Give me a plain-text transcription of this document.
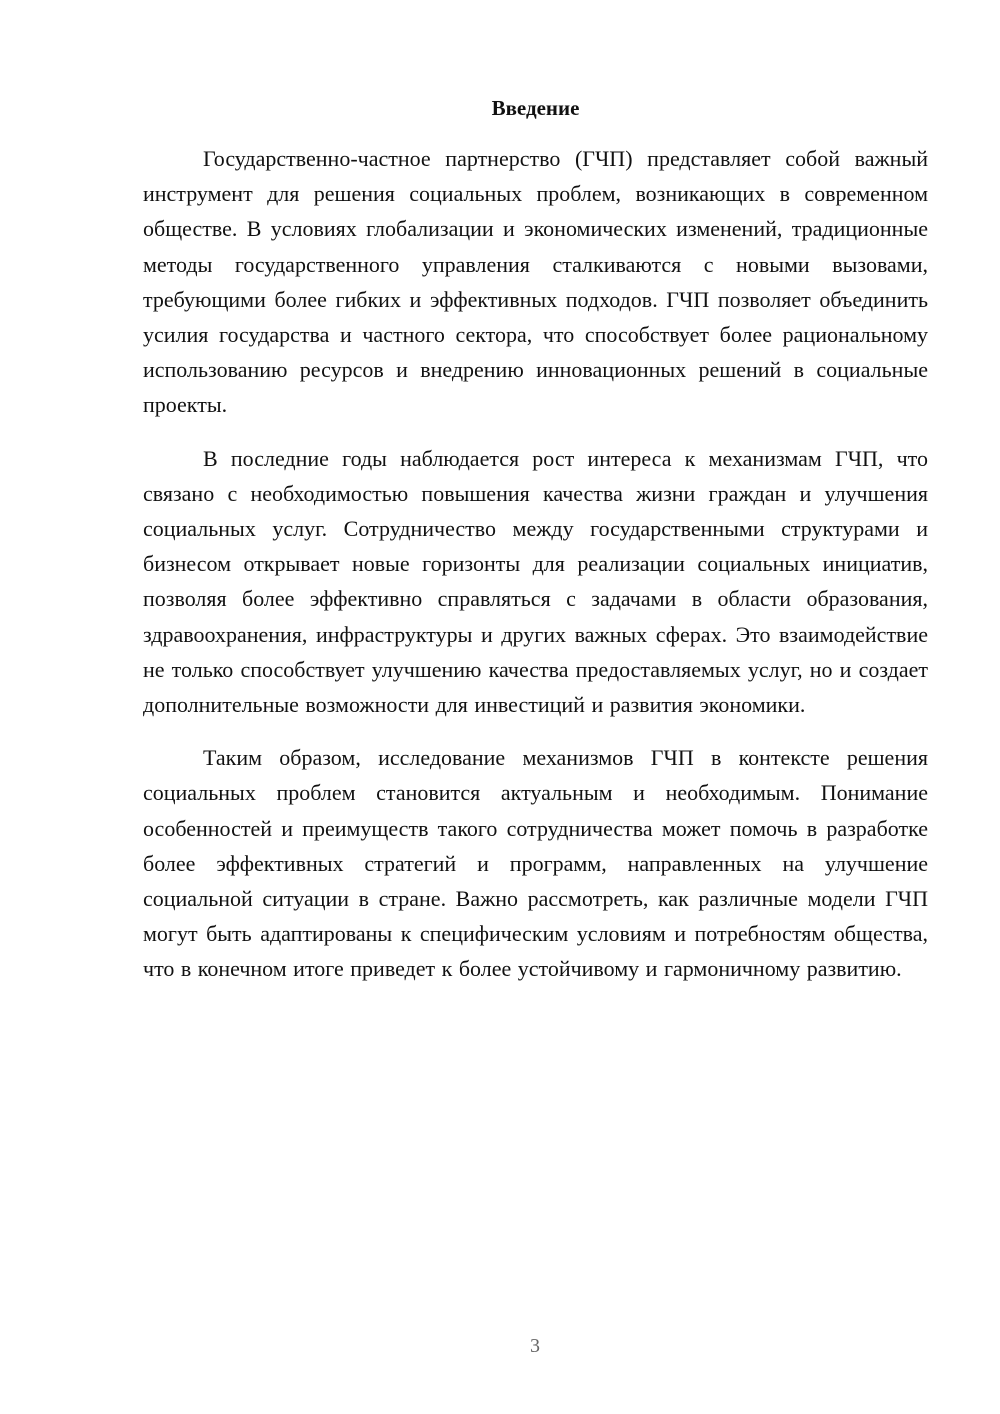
Введение

Государственно-частное партнерство (ГЧП) представляет собой важный инструмент для решения социальных проблем, возникающих в современном обществе. В условиях глобализации и экономических изменений, традиционные методы государственного управления сталкиваются с новыми вызовами, требующими более гибких и эффективных подходов. ГЧП позволяет объединить усилия государства и частного сектора, что способствует более рациональному использованию ресурсов и внедрению инновационных решений в социальные проекты.

В последние годы наблюдается рост интереса к механизмам ГЧП, что связано с необходимостью повышения качества жизни граждан и улучшения социальных услуг. Сотрудничество между государственными структурами и бизнесом открывает новые горизонты для реализации социальных инициатив, позволяя более эффективно справляться с задачами в области образования, здравоохранения, инфраструктуры и других важных сферах. Это взаимодействие не только способствует улучшению качества предоставляемых услуг, но и создает дополнительные возможности для инвестиций и развития экономики.

Таким образом, исследование механизмов ГЧП в контексте решения социальных проблем становится актуальным и необходимым. Понимание особенностей и преимуществ такого сотрудничества может помочь в разработке более эффективных стратегий и программ, направленных на улучшение социальной ситуации в стране. Важно рассмотреть, как различные модели ГЧП могут быть адаптированы к специфическим условиям и потребностям общества, что в конечном итоге приведет к более устойчивому и гармоничному развитию.

3
